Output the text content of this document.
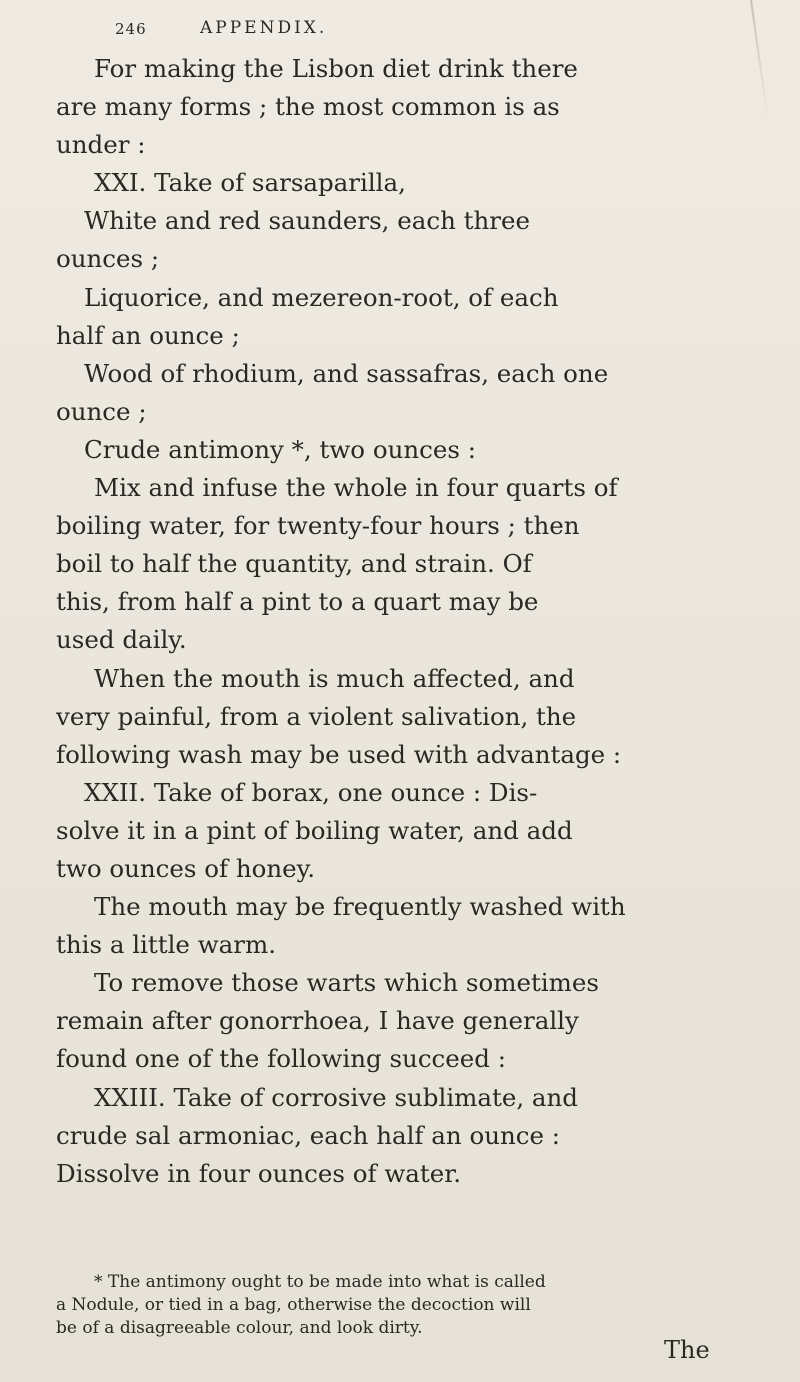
246	APPENDIX.
For making the Lisbon diet drink there
are many forms ; the most common is as
under :
XXI. Take of sarsaparilla,
White and red saunders, each three
ounces ;
Liquorice, and mezereon-root, of each
half an ounce ;
Wood of rhodium, and sassafras, each one
ounce ;
Crude antimony *, two ounces :
Mix and infuse the whole in four quarts of
boiling water, for twenty-four hours ; then
boil to half the quantity, and strain. Of
this, from half a pint to a quart may be
used daily.
When the mouth is much affected, and
very painful, from a violent salivation, the
following wash may be used with advantage :
XXII. Take of borax, one ounce : Dis-
solve it in a pint of boiling water, and add
two ounces of honey.
The mouth may be frequently washed with
this a little warm.
To remove those warts which sometimes
remain after gonorrhoea, I have generally
found one of the following succeed :
XXIII. Take of corrosive sublimate, and
crude sal armoniac, each half an ounce :
Dissolve in four ounces of water.
* The antimony ought to be made into what is called
a Nodule, or tied in a bag, otherwise the decoction will
be of a disagreeable colour, and look dirty.
The
